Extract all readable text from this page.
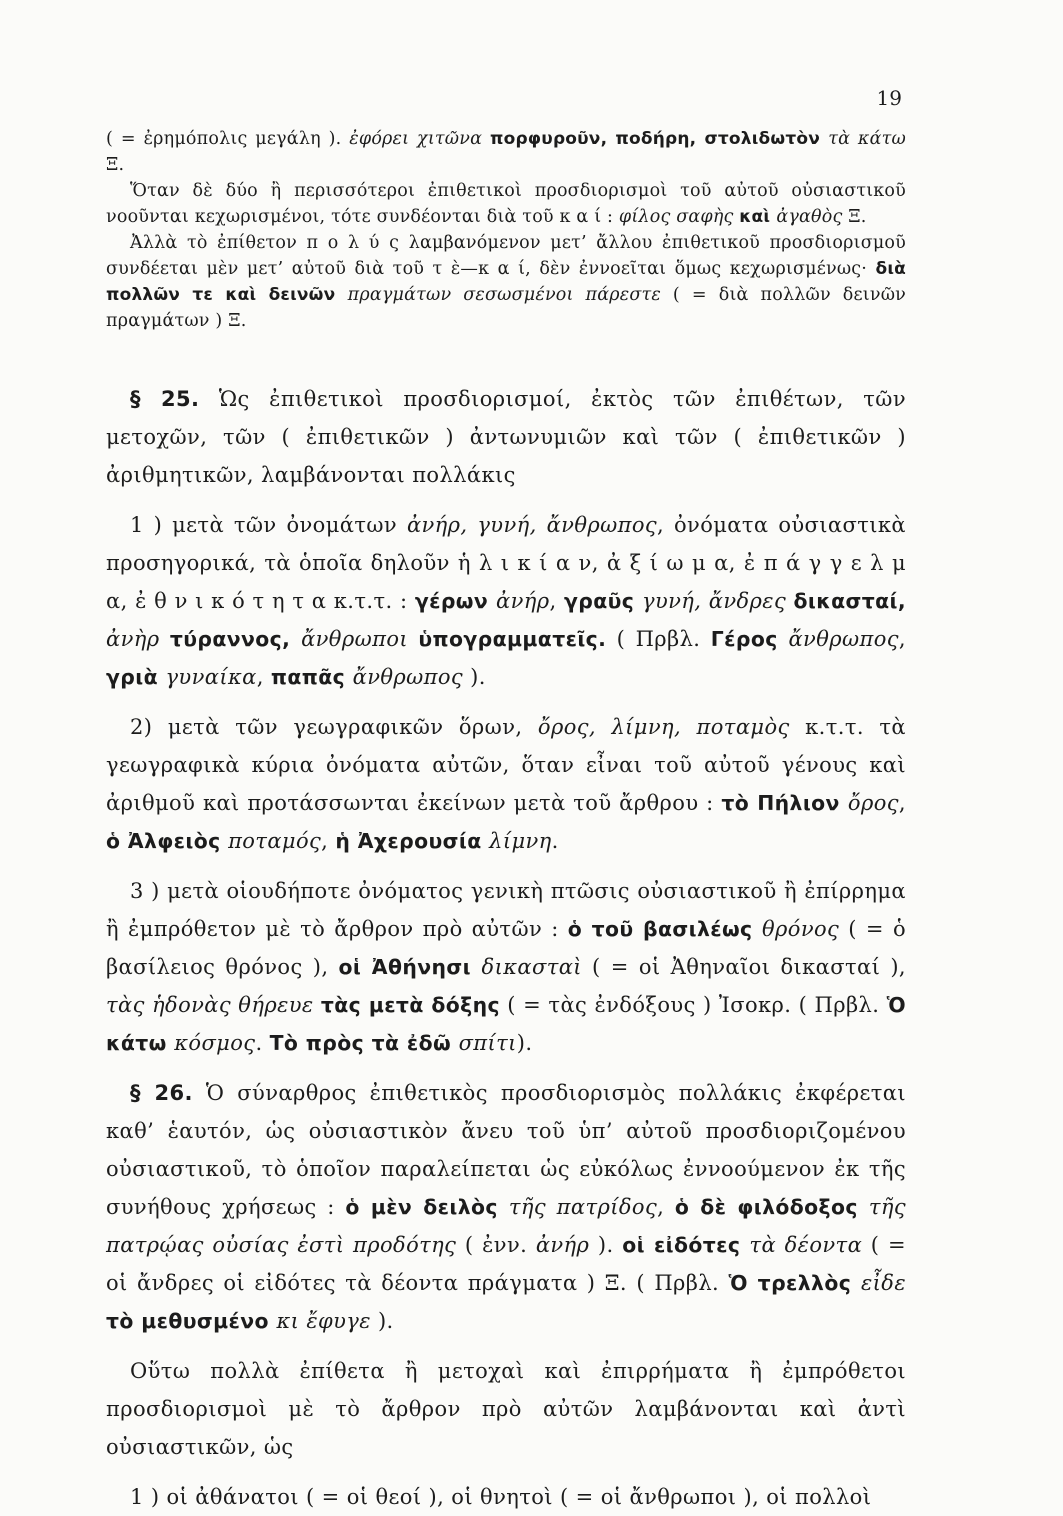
19

( = ἐρημόπολις μεγάλη ). ἐφόρει χιτῶνα πορφυροῦν, ποδήρη, στολιδωτὸν τὰ κάτω Ξ.

Ὅταν δὲ δύο ἢ περισσότεροι ἐπιθετικοὶ προσδιορισμοὶ τοῦ αὐτοῦ οὐσιαστικοῦ νοοῦνται κεχωρισμένοι, τότε συνδέονται διὰ τοῦ κ α ί : φίλος σαφὴς καὶ ἀγαθὸς Ξ.

Ἀλλὰ τὸ ἐπίθετον π ο λ ύ ς λαμβανόμενον μετ’ ἄλλου ἐπιθετικοῦ προσδιορισμοῦ συνδέεται μὲν μετ’ αὐτοῦ διὰ τοῦ τ ὲ—κ α ί, δὲν ἐννοεῖται ὅμως κεχωρισμένως· διὰ πολλῶν τε καὶ δεινῶν πραγμάτων σεσωσμένοι πάρεστε ( = διὰ πολλῶν δεινῶν πραγμάτων ) Ξ.

§ 25. Ὡς ἐπιθετικοὶ προσδιορισμοί, ἐκτὸς τῶν ἐπιθέτων, τῶν μετοχῶν, τῶν ( ἐπιθετικῶν ) ἀντωνυμιῶν καὶ τῶν ( ἐπιθετικῶν ) ἀριθμητικῶν, λαμβάνονται πολλάκις

1 ) μετὰ τῶν ὀνομάτων ἀνήρ, γυνή, ἄνθρωπος, ὀνόματα οὐσιαστικὰ προσηγορικά, τὰ ὁποῖα δηλοῦν ἡ λ ι κ ί α ν, ἀ ξ ί ω μ α, ἐ π ά γ γ ε λ μ α, ἐ θ ν ι κ ό τ η τ α κ.τ.τ. : γέρων ἀνήρ, γραῦς γυνή, ἄνδρες δικασταί, ἀνὴρ τύραννος, ἄνθρωποι ὑπογραμματεῖς. ( Πρβλ. Γέρος ἄνθρωπος, γριὰ γυναίκα, παπᾶς ἄνθρωπος ).

2) μετὰ τῶν γεωγραφικῶν ὅρων, ὄρος, λίμνη, ποταμὸς κ.τ.τ. τὰ γεωγραφικὰ κύρια ὀνόματα αὐτῶν, ὅταν εἶναι τοῦ αὐτοῦ γένους καὶ ἀριθμοῦ καὶ προτάσσωνται ἐκείνων μετὰ τοῦ ἄρθρου : τὸ Πήλιον ὄρος, ὁ Ἀλφειὸς ποταμός, ἡ Ἀχερουσία λίμνη.

3 ) μετὰ οἱουδήποτε ὀνόματος γενικὴ πτῶσις οὐσιαστικοῦ ἢ ἐπίρρημα ἢ ἐμπρόθετον μὲ τὸ ἄρθρον πρὸ αὐτῶν : ὁ τοῦ βασιλέως θρόνος ( = ὁ βασίλειος θρόνος ), οἱ Ἀθήνησι δικασταὶ ( = οἱ Ἀθηναῖοι δικασταί ), τὰς ἡδονὰς θήρευε τὰς μετὰ δόξης ( = τὰς ἐνδόξους ) Ἰσοκρ. ( Πρβλ. Ὁ κάτω κόσμος. Τὸ πρὸς τὰ ἐδῶ σπίτι).

§ 26. Ὁ σύναρθρος ἐπιθετικὸς προσδιορισμὸς πολλάκις ἐκφέρεται καθ’ ἑαυτόν, ὡς οὐσιαστικὸν ἄνευ τοῦ ὑπ’ αὐτοῦ προσδιοριζομένου οὐσιαστικοῦ, τὸ ὁποῖον παραλείπεται ὡς εὐκόλως ἐννοούμενον ἐκ τῆς συνήθους χρήσεως : ὁ μὲν δειλὸς τῆς πατρίδος, ὁ δὲ φιλόδοξος τῆς πατρῴας οὐσίας ἐστὶ προδότης ( ἐνν. ἀνήρ ). οἱ εἰδότες τὰ δέοντα ( = οἱ ἄνδρες οἱ εἰδότες τὰ δέοντα πράγματα ) Ξ. ( Πρβλ. Ὁ τρελλὸς εἶδε τὸ μεθυσμένο κι ἔφυγε ).

Οὕτω πολλὰ ἐπίθετα ἢ μετοχαὶ καὶ ἐπιρρήματα ἢ ἐμπρόθετοι προσδιορισμοὶ μὲ τὸ ἄρθρον πρὸ αὐτῶν λαμβάνονται καὶ ἀντὶ οὐσιαστικῶν, ὡς

1 ) οἱ ἀθάνατοι ( = οἱ θεοί ), οἱ θνητοὶ ( = οἱ ἄνθρωποι ), οἱ πολλοὶ
